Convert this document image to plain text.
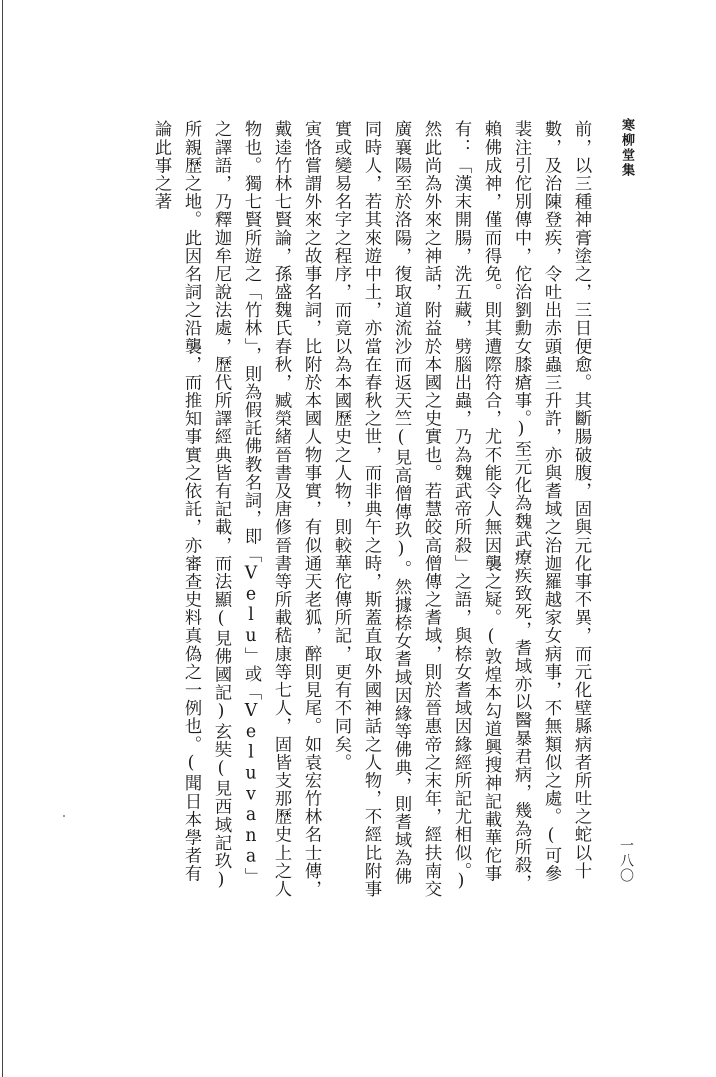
寒柳堂集

前，以三種神膏塗之，三日便愈。其斷腸破腹，固與元化事不異，而元化壁縣病者所吐之蛇以十數，及治陳登疾，令吐出赤頭蟲三升許，亦與耆域之治迦羅越家女病事，不無類似之處。(可參裴注引佗別傳中，佗治劉勳女膝瘡事。)至元化為魏武療疾致死，耆域亦以醫暴君病，幾為所殺，賴佛成神，僅而得免。則其遭際符合，尤不能令人無因襲之疑。(敦煌本勾道興搜神記載華佗事有：「漢末開腸，洗五藏，劈腦出蟲，乃為魏武帝所殺」之語，與㮈女耆域因緣經所記尤相似。)然此尚為外來之神話，附益於本國之史實也。若慧皎高僧傳之耆域，則於晉惠帝之末年，經扶南交廣襄陽至於洛陽，復取道流沙而返天竺(見高僧傳玖)。然據㮈女耆域因緣等佛典，則耆域為佛同時人，若其來遊中土，亦當在春秋之世，而非典午之時，斯蓋直取外國神話之人物，不經比附事實或變易名字之程序，而竟以為本國歷史之人物，則較華佗傳所記，更有不同矣。

寅恪嘗謂外來之故事名詞，比附於本國人物事實，有似通天老狐，醉則見尾。如袁宏竹林名士傳，戴逵竹林七賢論，孫盛魏氏春秋，臧榮緒晉書及唐修晉書等所載嵇康等七人，固皆支那歷史上之人物也。獨七賢所遊之「竹林」，則為假託佛教名詞，即「Velu」或「Veluvana」之譯語，乃釋迦牟尼說法處，歷代所譯經典皆有記載，而法顯(見佛國記)玄奘(見西域記玖)所親歷之地。此因名詞之沿襲，而推知事實之依託，亦審查史料真偽之一例也。(聞日本學者有論此事之著

一八〇
